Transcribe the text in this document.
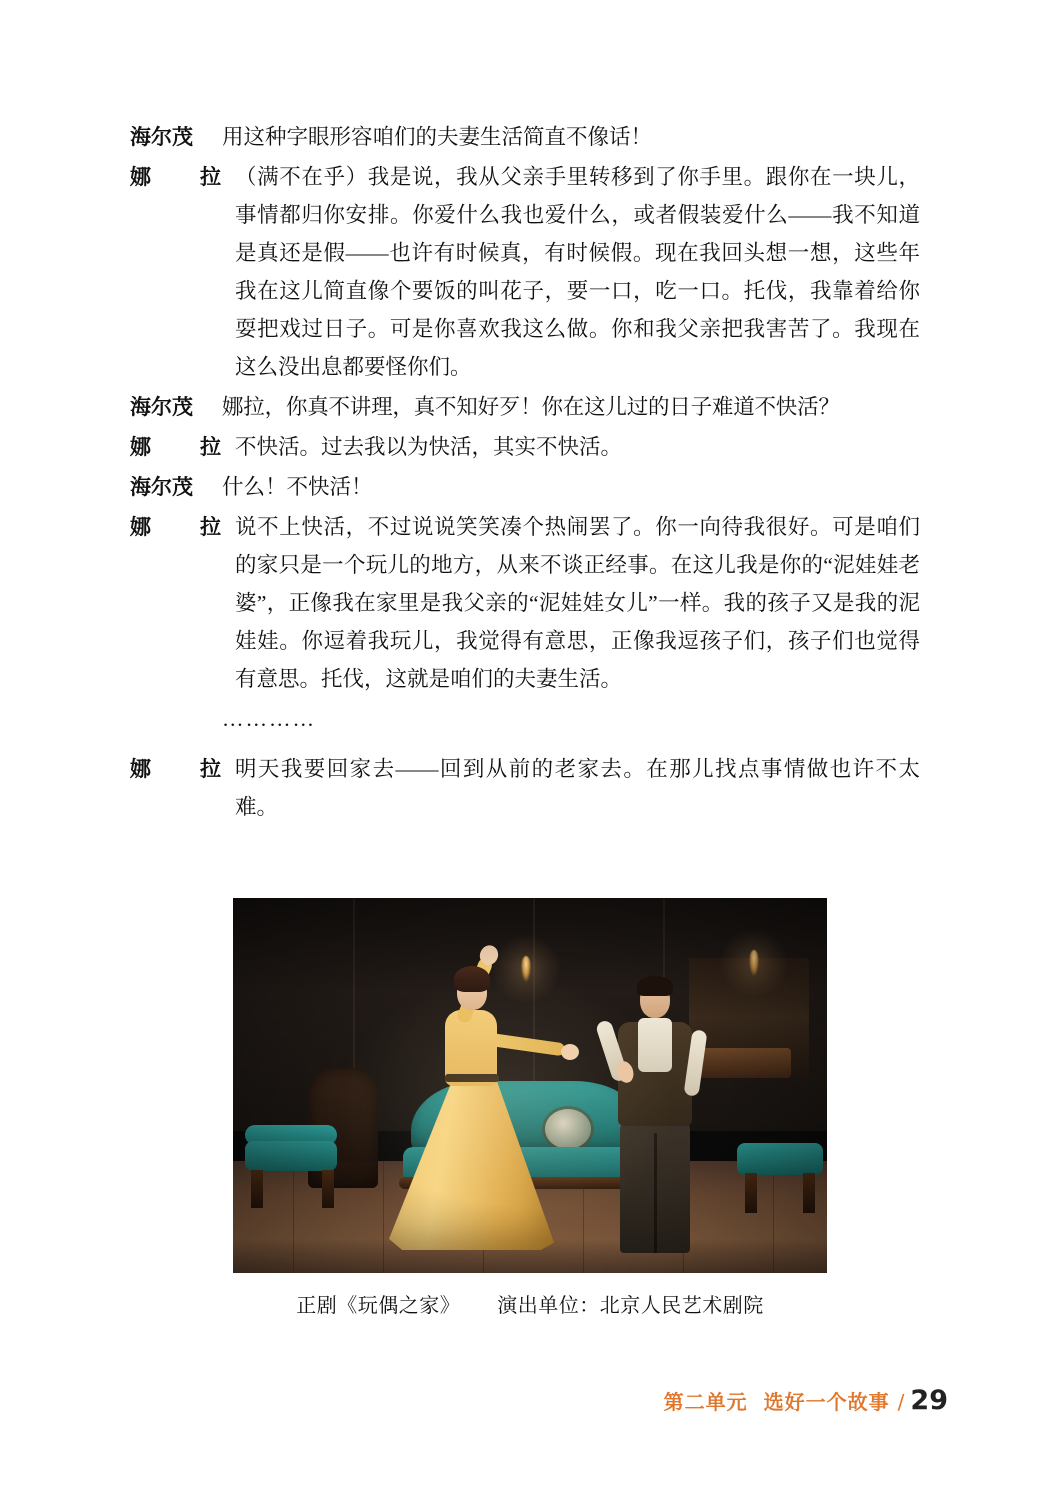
海尔茂	用这种字眼形容咱们的夫妻生活简直不像话！
娜　拉 （满不在乎）我是说，我从父亲手里转移到了你手里。跟你在一块儿，事情都归你安排。你爱什么我也爱什么，或者假装爱什么——我不知道是真还是假——也许有时候真，有时候假。现在我回头想一想，这些年我在这儿简直像个要饭的叫花子，要一口，吃一口。托伐，我靠着给你耍把戏过日子。可是你喜欢我这么做。你和我父亲把我害苦了。我现在这么没出息都要怪你们。
海尔茂	娜拉，你真不讲理，真不知好歹！你在这儿过的日子难道不快活？
娜　拉 不快活。过去我以为快活，其实不快活。
海尔茂	什么！不快活！
娜　拉 说不上快活，不过说说笑笑凑个热闹罢了。你一向待我很好。可是咱们的家只是一个玩儿的地方，从来不谈正经事。在这儿我是你的“泥娃娃老婆”，正像我在家里是我父亲的“泥娃娃女儿”一样。我的孩子又是我的泥娃娃。你逗着我玩儿，我觉得有意思，正像我逗孩子们，孩子们也觉得有意思。托伐，这就是咱们的夫妻生活。
…………
娜　拉 明天我要回家去——回到从前的老家去。在那儿找点事情做也许不太难。
正剧《玩偶之家》 演出单位：北京人民艺术剧院
第二单元 选好一个故事 / 29
